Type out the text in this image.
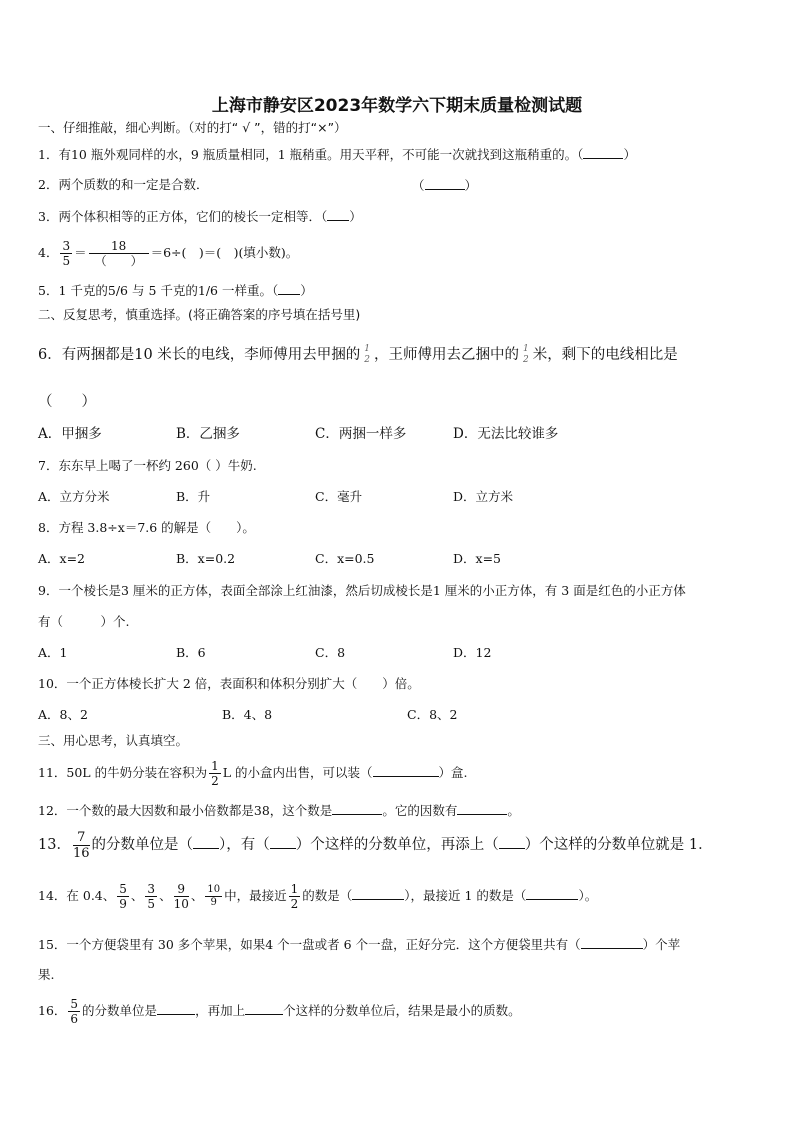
上海市静安区2023年数学六下期末质量检测试题
一、仔细推敲，细心判断。（对的打“ √ ”，错的打“×”）
1．有10 瓶外观同样的水，9 瓶质量相同，1 瓶稍重。用天平秤，不可能一次就找到这瓶稍重的。（	）
2．两个质数的和一定是合数．	（	）
3．两个体积相等的正方体，它们的棱长一定相等．（ ）
4． $\frac{3}{5} = \frac{18}{( )} =6\div$(　)＝(　)(填小数)。
5．1 千克的5/6 与 5 千克的1/6 一样重。（ ）
二、反复思考，慎重选择。(将正确答案的序号填在括号里)
6．有两捆都是10 米长的电线，李师傅用去甲捆的 1
2 ，王师傅用去乙捆中的 1
2 米，剩下的电线相比是
（　　）
A．甲捆多	B．乙捆多	C．两捆一样多	D．无法比较谁多
7．东东早上喝了一杯约 260（ ）牛奶.
A．立方分米	B．升	C．毫升	D．立方米
8．方程 3.8÷x＝7.6 的解是（　　）。
A．x=2	B．x=0.2	C．x=0.5	D．x=5
9．一个棱长是3 厘米的正方体，表面全部涂上红油漆，然后切成棱长是1 厘米的小正方体，有 3 面是红色的小正方体
有（　　　）个.
A．1	B．6	C．8	D．12
10．一个正方体棱长扩大 2 倍，表面积和体积分别扩大（　　）倍。
A．8、2	B．4、8	C．8、2
三、用心思考，认真填空。
11．50L 的牛奶分装在容积为 $\frac{1}{2}$ L 的小盒内出售，可以装（	）盒.
12．一个数的最大因数和最小倍数都是38，这个数是	。它的因数有	。
13． $\frac{7}{16}$ 的分数单位是（ ），有（ ）个这样的分数单位，再添上（ ）个这样的分数单位就是 1．
14．在 0.4、 $\frac{5}{9}$ 、 $\frac{3}{5}$ 、 $\frac{9}{10}$ 、 $\frac{10}{9}$ 中，最接近 $\frac{1}{2}$ 的数是（	），最接近 1 的数是（	）。
15．一个方便袋里有 30 多个苹果，如果4 个一盘或者 6 个一盘，正好分完．这个方便袋里共有（	）个苹
果.
16． $\frac{5}{6}$ 的分数单位是	，再加上	个这样的分数单位后，结果是最小的质数。
